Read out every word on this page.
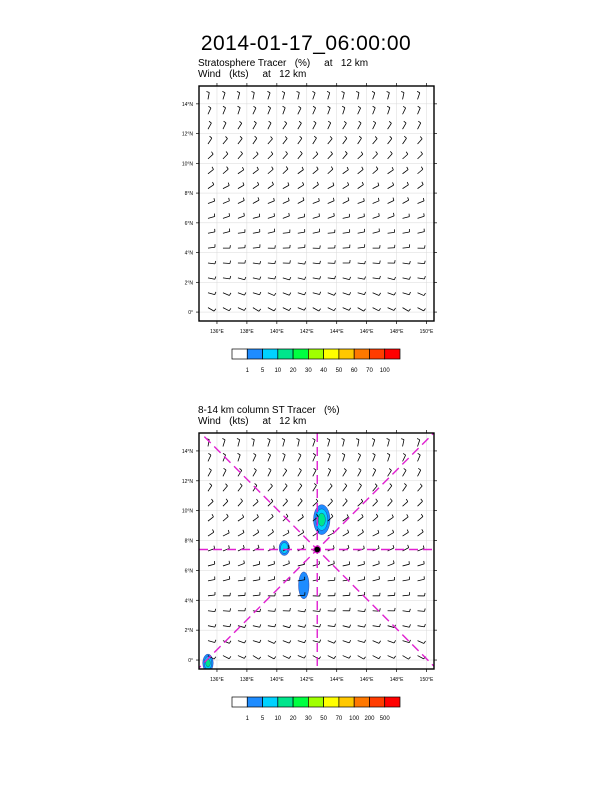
2014-01-17_06:00:00
Stratosphere Tracer   (%)     at   12 km
Wind   (kts)     at   12 km
8-14 km column ST Tracer   (%)
Wind   (kts)     at   12 km
136°E	138°E	140°E	142°E	144°E	146°E	148°E	150°E
0°
2°N
4°N
6°N
8°N
10°N
12°N
14°N
1 5 10 20 30 40 50 60 70 100
136°E	138°E	140°E	142°E	144°E	146°E	148°E	150°E
0°
2°N
4°N
6°N
8°N
10°N
12°N
14°N
1 5 10 20 30 50 70 100 200 500
